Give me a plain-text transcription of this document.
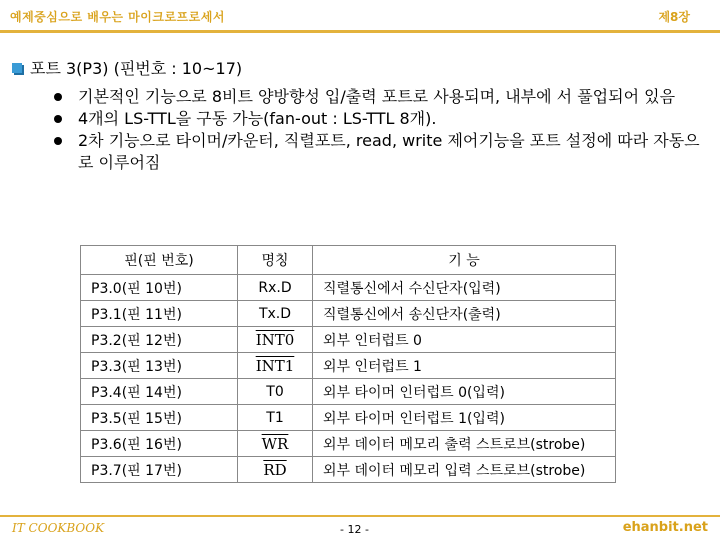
예제중심으로 배우는 마이크로프로세서	제8장
포트 3(P3) (핀번호 : 10~17)
기본적인 기능으로 8비트 양방향성 입/출력 포트로 사용되며, 내부에 서 풀업되어 있음
4개의 LS-TTL을 구동 가능(fan-out : LS-TTL 8개).
2차 기능으로 타이머/카운터, 직렬포트, read, write 제어기능을 포트 설정에 따라 자동으로 이루어짐
핀(핀 번호)	명칭	기 능
P3.0(핀 10번)	Rx.D	직렬통신에서 수신단자(입력)
P3.1(핀 11번)	Tx.D	직렬통신에서 송신단자(출력)
P3.2(핀 12번)	INT0	외부 인터럽트 0
P3.3(핀 13번)	INT1	외부 인터럽트 1
P3.4(핀 14번)	T0	외부 타이머 인터럽트 0(입력)
P3.5(핀 15번)	T1	외부 타이머 인터럽트 1(입력)
P3.6(핀 16번)	$\overline{WR}$	외부 데이터 메모리 출력 스트로브(strobe)
P3.7(핀 17번)	$\overline{RD}$	외부 데이터 메모리 입력 스트로브(strobe)
IT COOKBOOK	- 12 -	ehanbit.net
